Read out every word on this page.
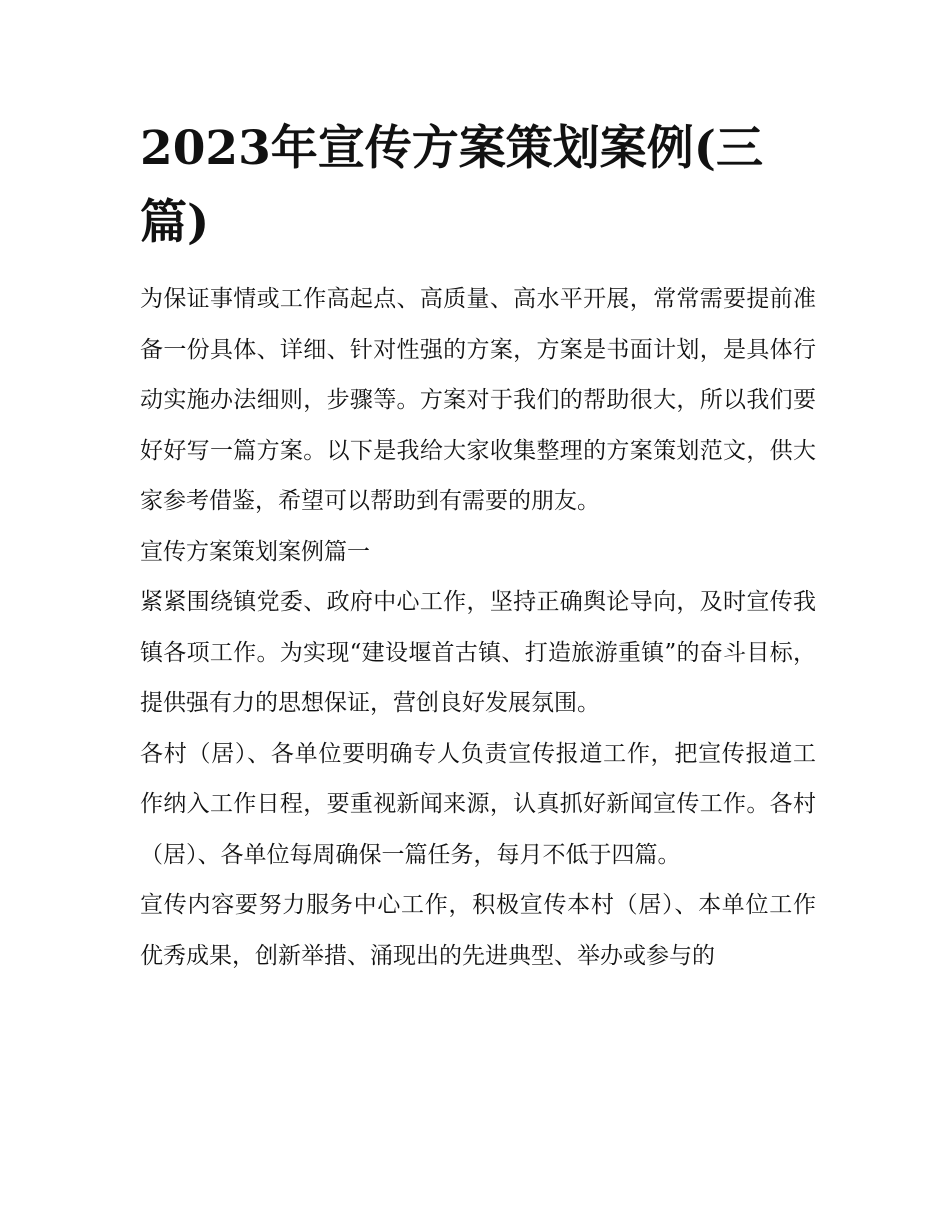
2023年宣传方案策划案例(三篇)

为保证事情或工作高起点、高质量、高水平开展，常常需要提前准备一份具体、详细、针对性强的方案，方案是书面计划，是具体行动实施办法细则，步骤等。方案对于我们的帮助很大，所以我们要好好写一篇方案。以下是我给大家收集整理的方案策划范文，供大家参考借鉴，希望可以帮助到有需要的朋友。

宣传方案策划案例篇一

紧紧围绕镇党委、政府中心工作，坚持正确舆论导向，及时宣传我镇各项工作。为实现“建设堰首古镇、打造旅游重镇”的奋斗目标，提供强有力的思想保证，营创良好发展氛围。

各村（居）、各单位要明确专人负责宣传报道工作，把宣传报道工作纳入工作日程，要重视新闻来源，认真抓好新闻宣传工作。各村（居）、各单位每周确保一篇任务，每月不低于四篇。

宣传内容要努力服务中心工作，积极宣传本村（居）、本单位工作优秀成果，创新举措、涌现出的先进典型、举办或参与的
